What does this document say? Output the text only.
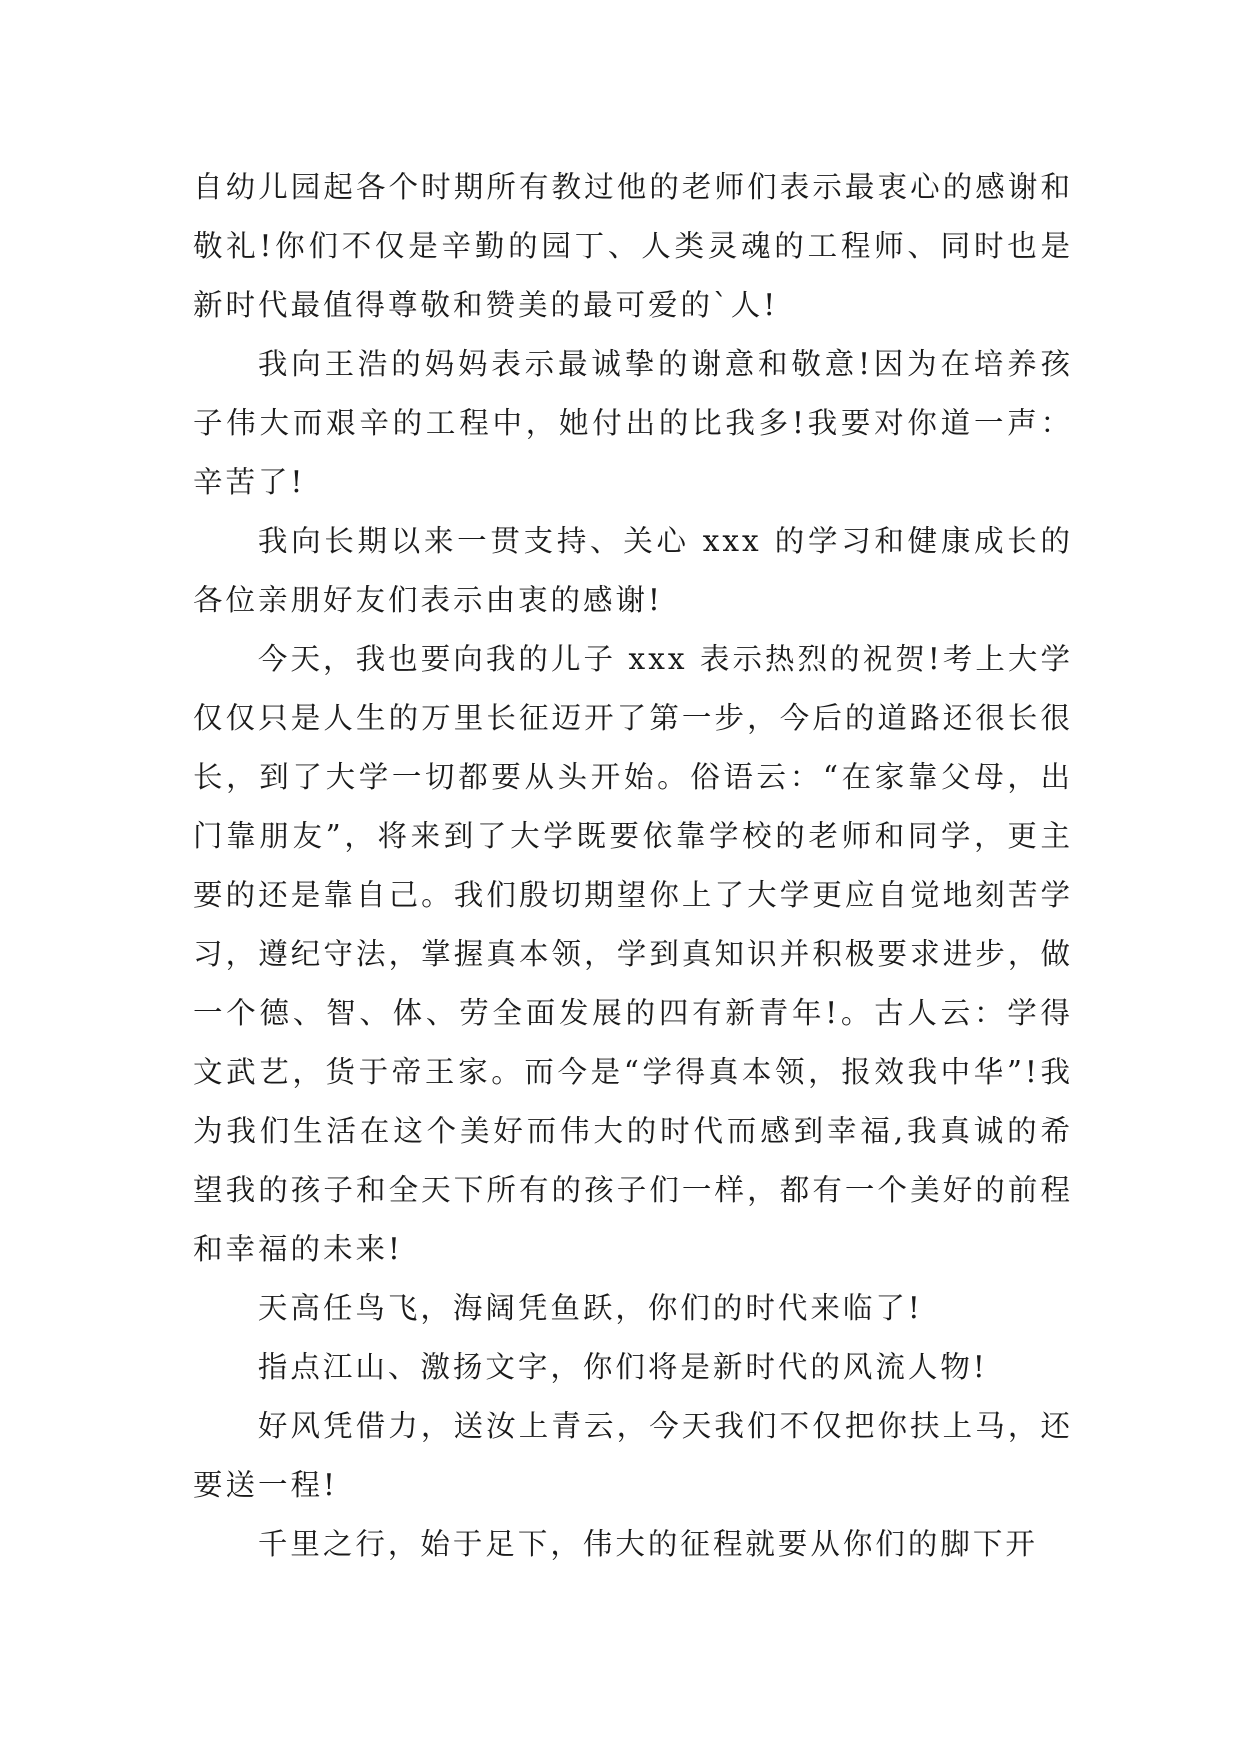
自幼儿园起各个时期所有教过他的老师们表示最衷心的感谢和敬礼!你们不仅是辛勤的园丁、人类灵魂的工程师、同时也是新时代最值得尊敬和赞美的最可爱的`人!

我向王浩的妈妈表示最诚挚的谢意和敬意!因为在培养孩子伟大而艰辛的工程中，她付出的比我多!我要对你道一声：辛苦了!

我向长期以来一贯支持、关心 xxx 的学习和健康成长的各位亲朋好友们表示由衷的感谢!

今天，我也要向我的儿子 xxx 表示热烈的祝贺!考上大学仅仅只是人生的万里长征迈开了第一步，今后的道路还很长很长，到了大学一切都要从头开始。俗语云：“在家靠父母，出门靠朋友”，将来到了大学既要依靠学校的老师和同学，更主要的还是靠自己。我们殷切期望你上了大学更应自觉地刻苦学习，遵纪守法，掌握真本领，学到真知识并积极要求进步，做一个德、智、体、劳全面发展的四有新青年!。古人云：学得文武艺，货于帝王家。而今是“学得真本领，报效我中华”!我为我们生活在这个美好而伟大的时代而感到幸福,我真诚的希望我的孩子和全天下所有的孩子们一样，都有一个美好的前程和幸福的未来!

天高任鸟飞，海阔凭鱼跃，你们的时代来临了!

指点江山、激扬文字，你们将是新时代的风流人物!

好风凭借力，送汝上青云，今天我们不仅把你扶上马，还要送一程!

千里之行，始于足下，伟大的征程就要从你们的脚下开
